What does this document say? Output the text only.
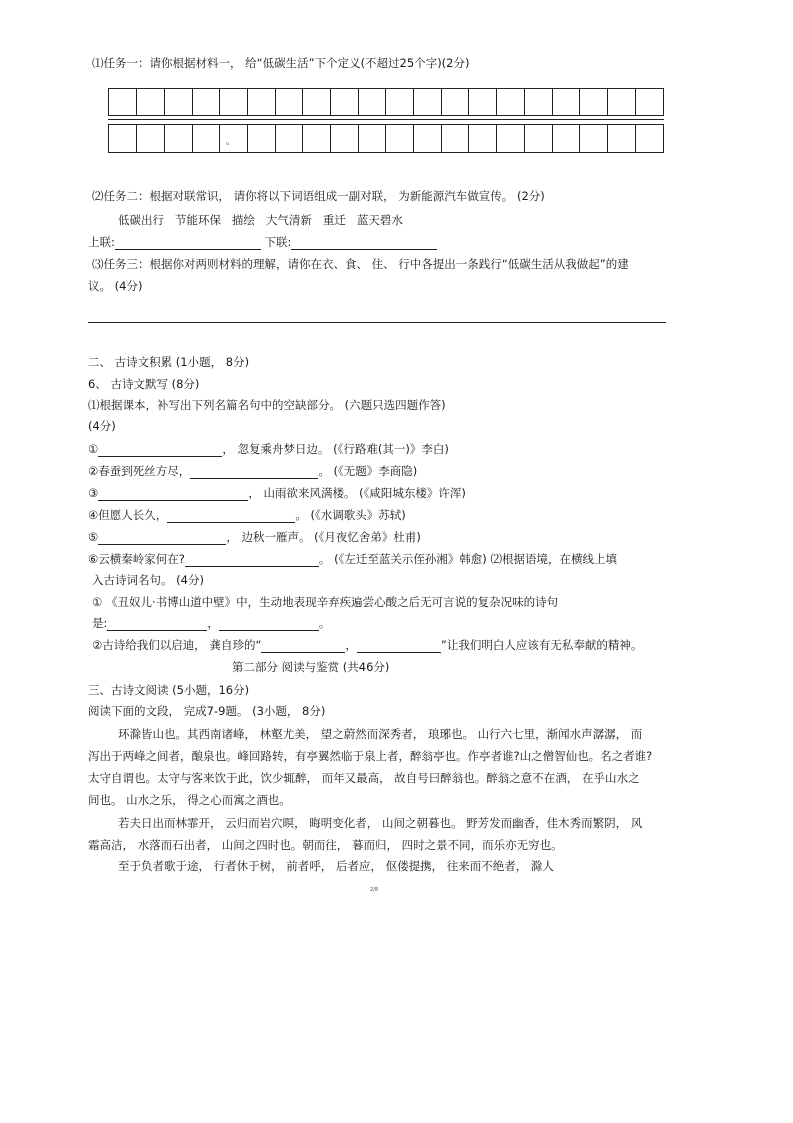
⑴任务一：请你根据材料一， 给“低碳生活”下个定义(不超过25个字)(2分)

。
⑵任务二：根据对联常识， 请你将以下词语组成一副对联， 为新能源汽车做宣传。 (2分)
低碳出行   节能环保   描绘   大气清新   重迁   蓝天碧水
上联:	下联:
⑶任务三：根据你对两则材料的理解，请你在衣、食、 住、 行中各提出一条践行“低碳生活从我做起”的建
议。 (4分)
二、 古诗文积累 (1小题， 8分)
6、 古诗文默写 (8分)
⑴根据课本，补写出下列名篇名句中的空缺部分。 (六题只选四题作答)
(4分)
①	， 忽复乘舟梦日边。 (《行路难(其一)》李白)
②春蚕到死丝方尽，	。 (《无题》李商隐)
③	， 山雨欲来风满楼。 (《咸阳城东楼》许浑)
④但愿人长久，	。 (《水调歌头》苏轼)
⑤	， 边秋一雁声。 (《月夜忆舍弟》杜甫)
⑥云横秦岭家何在?	。 (《左迁至蓝关示侄孙湘》韩愈) ⑵根据语境，在横线上填
入古诗词名句。 (4分)
① 《丑奴儿·书博山道中壁》中，生动地表现辛弃疾遍尝心酸之后无可言说的复杂况味的诗句
是:	，	。
②古诗给我们以启迪， 龚自珍的“	，	”让我们明白人应该有无私奉献的精神。
第二部分 阅读与鉴赏 (共46分)
三、古诗文阅读 (5小题，16分)
阅读下面的文段， 完成7-9题。 (3小题， 8分)
环滁皆山也。其西南诸峰， 林壑尤美， 望之蔚然而深秀者， 琅琊也。 山行六七里，渐闻水声潺潺， 而
泻出于两峰之间者，酿泉也。峰回路转，有亭翼然临于泉上者，醉翁亭也。作亭者谁?山之僧智仙也。名之者谁?
太守自谓也。太守与客来饮于此，饮少辄醉， 而年又最高， 故自号曰醉翁也。醉翁之意不在酒， 在乎山水之
间也。 山水之乐， 得之心而寓之酒也。
若夫日出而林霏开， 云归而岩穴暝， 晦明变化者， 山间之朝暮也。 野芳发而幽香，佳木秀而繁阴， 风
霜高洁， 水落而石出者， 山间之四时也。朝而往， 暮而归， 四时之景不同，而乐亦无穷也。
至于负者歌于途， 行者休于树， 前者呼， 后者应， 伛偻提携， 往来而不绝者， 滁人
2/8
